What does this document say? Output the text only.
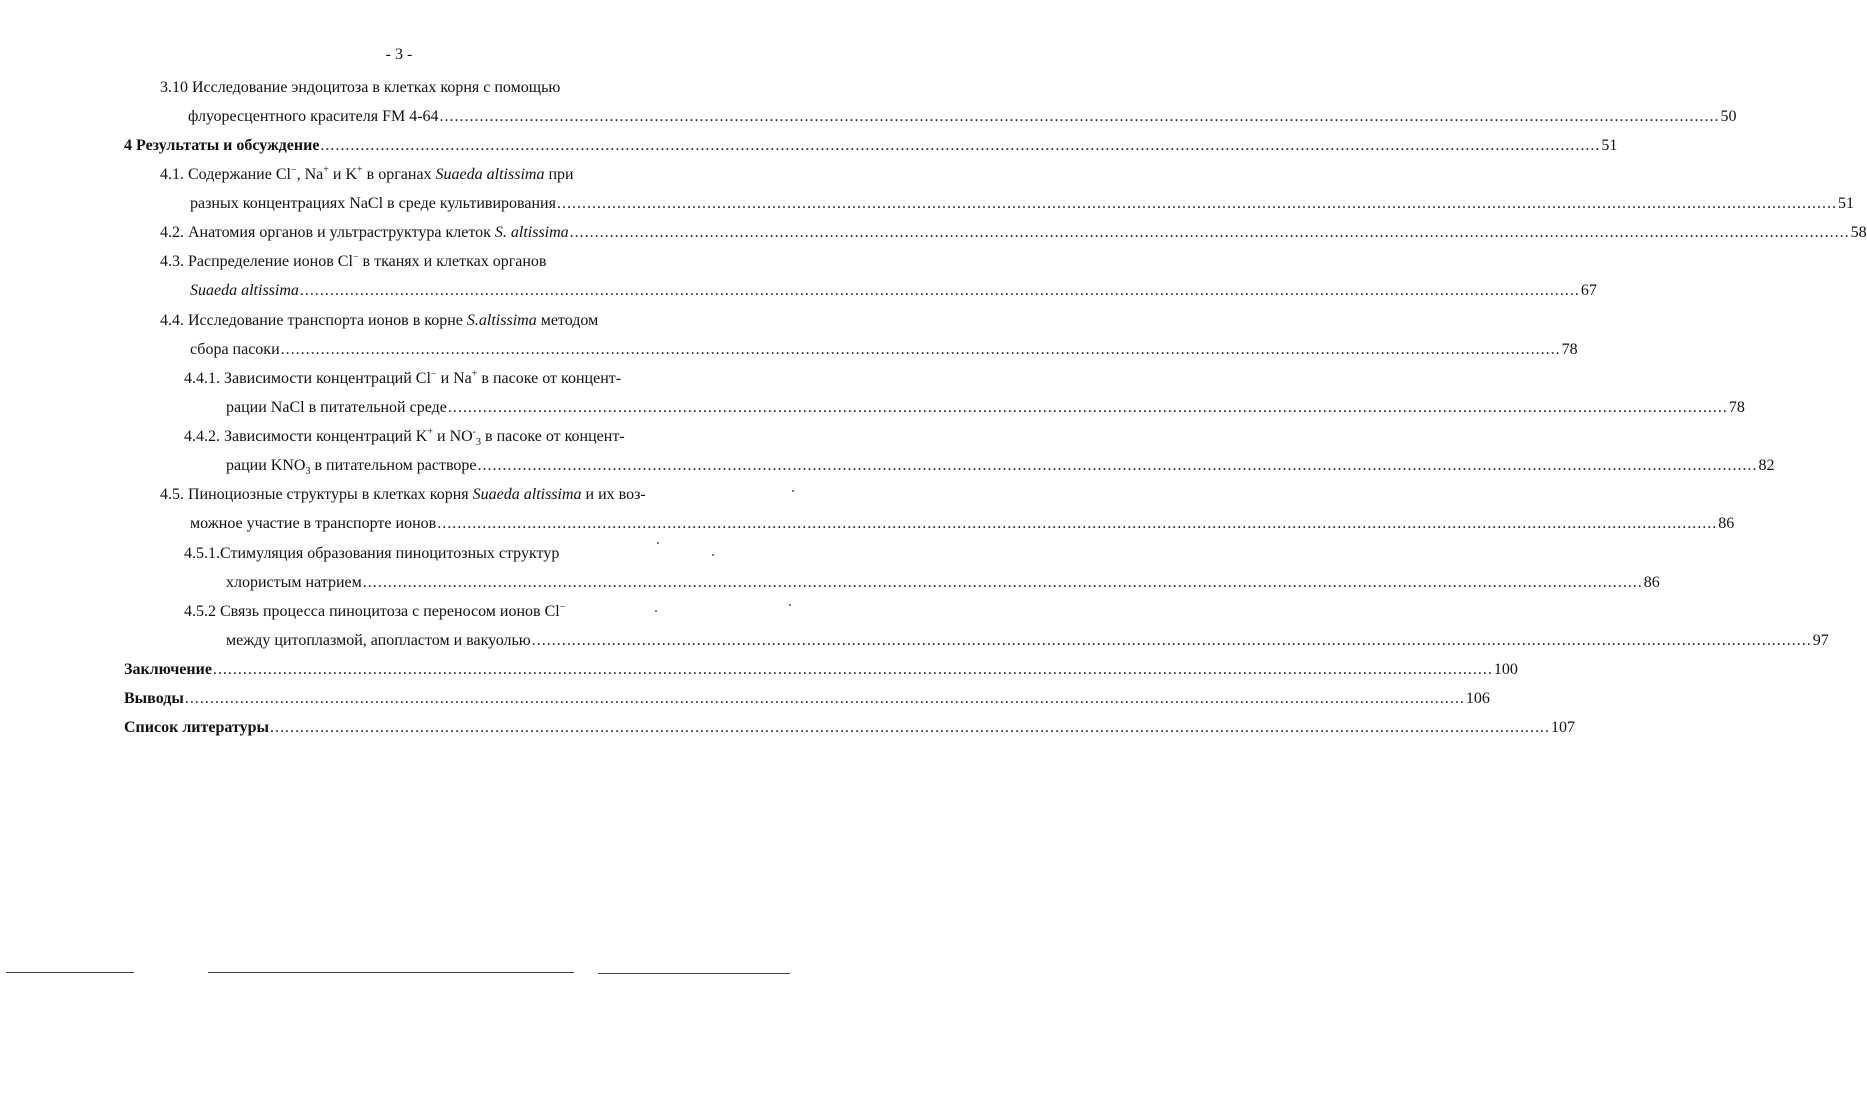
- 3 -
3.10 Исследование эндоцитоза в клетках корня с помощью
флуоресцентного красителя FM 4-64 ................................................................................................................................................................................................................................................................ 50
4 Результаты и обсуждение ................................................................................................................................................................................................................................................................ 51
4.1. Содержание Cl−, Na+ и K+ в органах Suaeda altissima при
разных концентрациях NaCl в среде культивирования ................................................................................................................................................................................................................................................................ 51
4.2. Анатомия органов и ультраструктура клеток S. altissima ................................................................................................................................................................................................................................................................ 58
4.3. Распределение ионов Cl− в тканях и клетках органов
Suaeda altissima ................................................................................................................................................................................................................................................................ 67
4.4. Исследование транспорта ионов в корне S.altissima методом
сбора пасоки ................................................................................................................................................................................................................................................................ 78
4.4.1. Зависимости концентраций Cl− и Na+ в пасоке от концент-
рации NaCl в питательной среде ................................................................................................................................................................................................................................................................ 78
4.4.2. Зависимости концентраций K+ и $NO^-_3$ в пасоке от концент-
рации $KNO_3$ в питательном растворе ................................................................................................................................................................................................................................................................ 82
4.5. Пиноциозные структуры в клетках корня Suaeda altissima и их воз-
можное участие в транспорте ионов ................................................................................................................................................................................................................................................................ 86
4.5.1.Стимуляция образования пиноцитозных структур
хлористым натрием ................................................................................................................................................................................................................................................................ 86
4.5.2 Связь процесса пиноцитоза с переносом ионов Cl−
между цитоплазмой, апопластом и вакуолью ................................................................................................................................................................................................................................................................ 97
Заключение ................................................................................................................................................................................................................................................................ 100
Выводы ................................................................................................................................................................................................................................................................ 106
Список литературы ................................................................................................................................................................................................................................................................ 107
